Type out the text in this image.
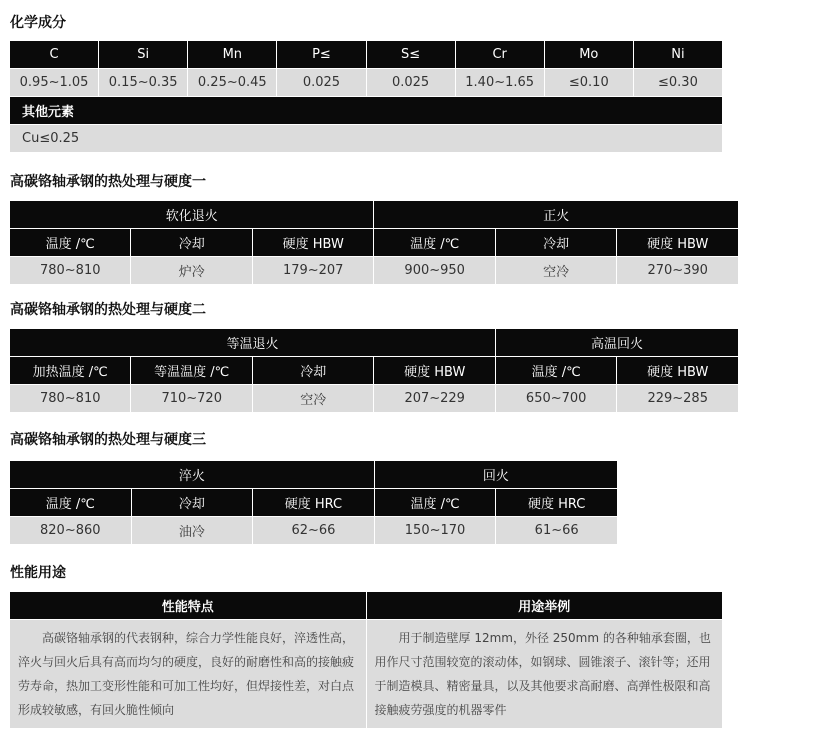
化学成分
C	Si	Mn	P≤	S≤	Cr	Mo	Ni
0.95~1.05	0.15~0.35	0.25~0.45	0.025	0.025	1.40~1.65	≤0.10	≤0.30
其他元素							
Cu≤0.25							
高碳铬轴承钢的热处理与硬度一
软化退火			正火		
温度 /℃	冷却	硬度 HBW	温度 /℃	冷却	硬度 HBW
780~810	炉冷	179~207	900~950	空冷	270~390
高碳铬轴承钢的热处理与硬度二
等温退火				高温回火	
加热温度 /℃	等温温度 /℃	冷却	硬度 HBW	温度 /℃	硬度 HBW
780~810	710~720	空冷	207~229	650~700	229~285
高碳铬轴承钢的热处理与硬度三
淬火			回火	
温度 /℃	冷却	硬度 HRC	温度 /℃	硬度 HRC
820~860	油冷	62~66	150~170	61~66
性能用途
性能特点	用途举例

高碳铬轴承钢的代表钢种，综合力学性能良好，淬透性高，淬火与回火后具有高而均匀的硬度，良好的耐磨性和高的接触疲劳寿命，热加工变形性能和可加工性均好，但焊接性差，对白点形成较敏感，有回火脆性倾向	用于制造壁厚 12mm，外径 250mm 的各种轴承套圈，也用作尺寸范围较宽的滚动体，如钢球、圆锥滚子、滚针等；还用于制造模具、精密量具，以及其他要求高耐磨、高弹性极限和高接触疲劳强度的机器零件
